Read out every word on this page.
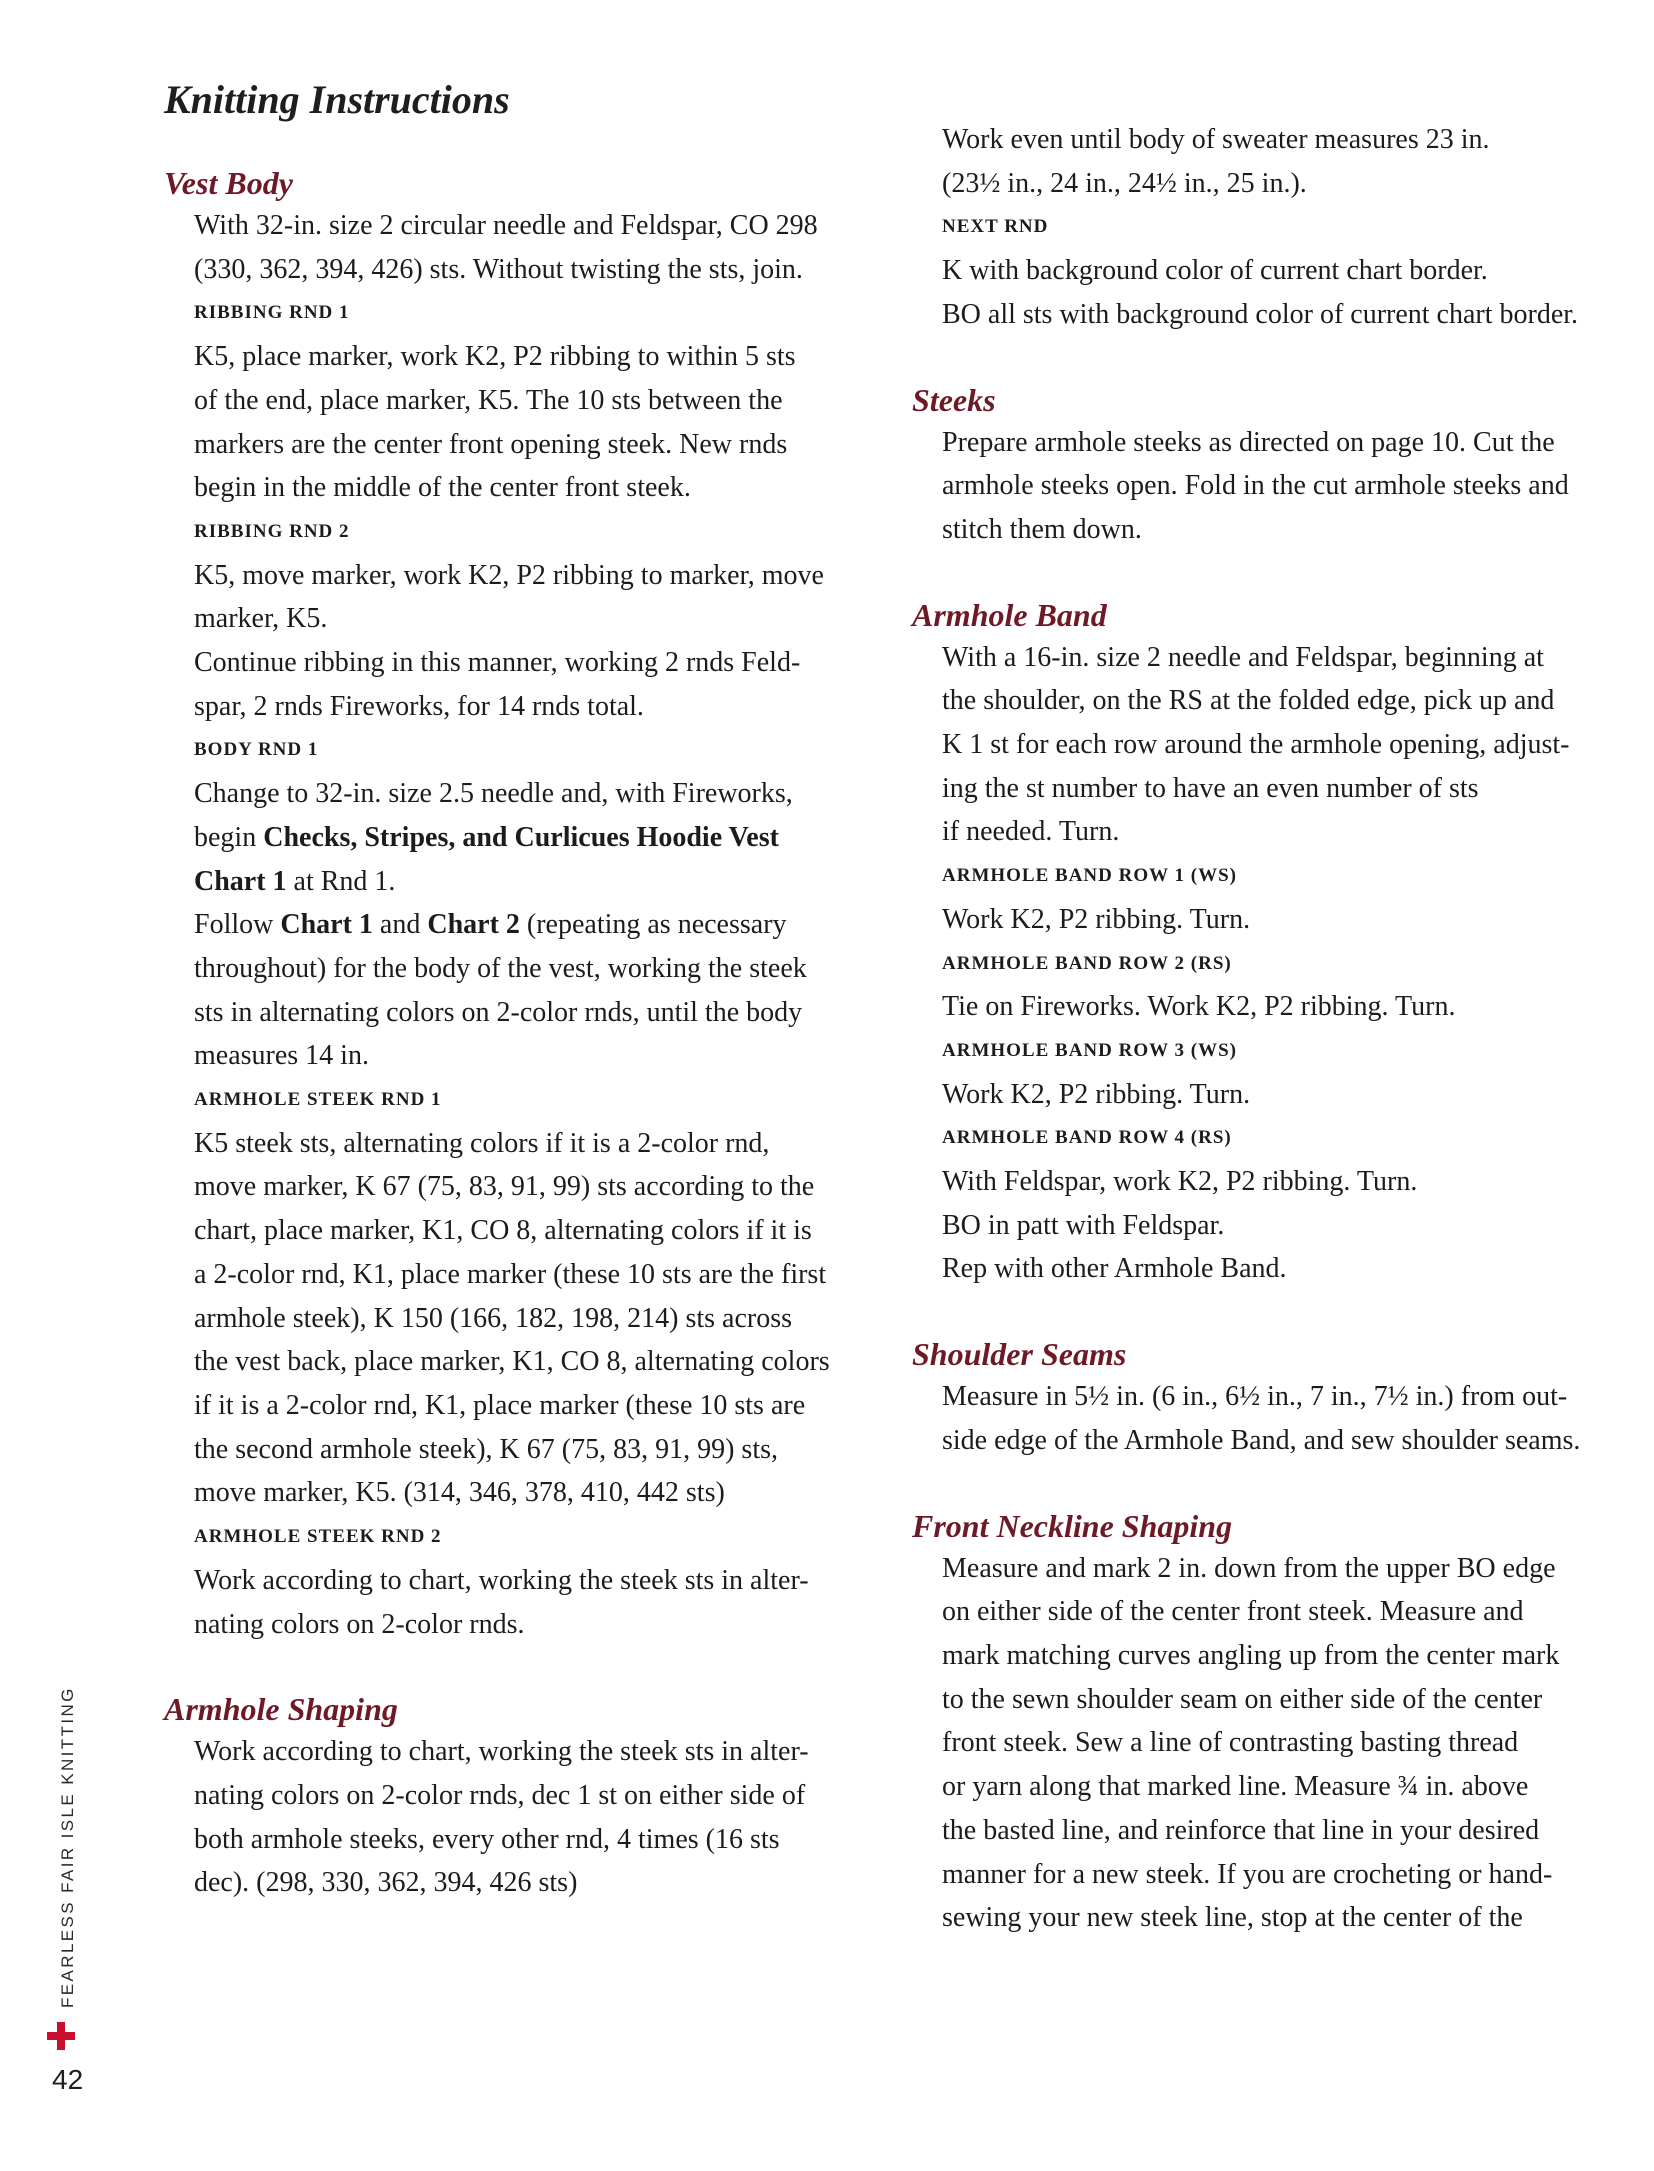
Knitting Instructions
Vest Body

With 32-in. size 2 circular needle and Feldspar, CO 298

(330, 362, 394, 426) sts. Without twisting the sts, join.

RIBBING RND 1

K5, place marker, work K2, P2 ribbing to within 5 sts

of the end, place marker, K5. The 10 sts between the

markers are the center front opening steek. New rnds

begin in the middle of the center front steek.

RIBBING RND 2

K5, move marker, work K2, P2 ribbing to marker, move

marker, K5.

Continue ribbing in this manner, working 2 rnds Feld-

spar, 2 rnds Fireworks, for 14 rnds total.

BODY RND 1

Change to 32-in. size 2.5 needle and, with Fireworks,

begin Checks, Stripes, and Curlicues Hoodie Vest

Chart 1 at Rnd 1.

Follow Chart 1 and Chart 2 (repeating as necessary

throughout) for the body of the vest, working the steek

sts in alternating colors on 2-color rnds, until the body

measures 14 in.

ARMHOLE STEEK RND 1

K5 steek sts, alternating colors if it is a 2-color rnd,

move marker, K 67 (75, 83, 91, 99) sts according to the

chart, place marker, K1, CO 8, alternating colors if it is

a 2-color rnd, K1, place marker (these 10 sts are the first

armhole steek), K 150 (166, 182, 198, 214) sts across

the vest back, place marker, K1, CO 8, alternating colors

if it is a 2-color rnd, K1, place marker (these 10 sts are

the second armhole steek), K 67 (75, 83, 91, 99) sts,

move marker, K5. (314, 346, 378, 410, 442 sts)

ARMHOLE STEEK RND 2

Work according to chart, working the steek sts in alter-

nating colors on 2-color rnds.

Armhole Shaping

Work according to chart, working the steek sts in alter-

nating colors on 2-color rnds, dec 1 st on either side of

both armhole steeks, every other rnd, 4 times (16 sts

dec). (298, 330, 362, 394, 426 sts)

Work even until body of sweater measures 23 in.

(23½ in., 24 in., 24½ in., 25 in.).

NEXT RND

K with background color of current chart border.

BO all sts with background color of current chart border.

Steeks

Prepare armhole steeks as directed on page 10. Cut the

armhole steeks open. Fold in the cut armhole steeks and

stitch them down.

Armhole Band

With a 16-in. size 2 needle and Feldspar, beginning at

the shoulder, on the RS at the folded edge, pick up and

K 1 st for each row around the armhole opening, adjust-

ing the st number to have an even number of sts

if needed. Turn.

ARMHOLE BAND ROW 1 (WS)

Work K2, P2 ribbing. Turn.

ARMHOLE BAND ROW 2 (RS)

Tie on Fireworks. Work K2, P2 ribbing. Turn.

ARMHOLE BAND ROW 3 (WS)

Work K2, P2 ribbing. Turn.

ARMHOLE BAND ROW 4 (RS)

With Feldspar, work K2, P2 ribbing. Turn.

BO in patt with Feldspar.

Rep with other Armhole Band.

Shoulder Seams

Measure in 5½ in. (6 in., 6½ in., 7 in., 7½ in.) from out-

side edge of the Armhole Band, and sew shoulder seams.

Front Neckline Shaping

Measure and mark 2 in. down from the upper BO edge

on either side of the center front steek. Measure and

mark matching curves angling up from the center mark

to the sewn shoulder seam on either side of the center

front steek. Sew a line of contrasting basting thread

or yarn along that marked line. Measure ¾ in. above

the basted line, and reinforce that line in your desired

manner for a new steek. If you are crocheting or hand-

sewing your new steek line, stop at the center of the

FEARLESS FAIR ISLE KNITTING
42
